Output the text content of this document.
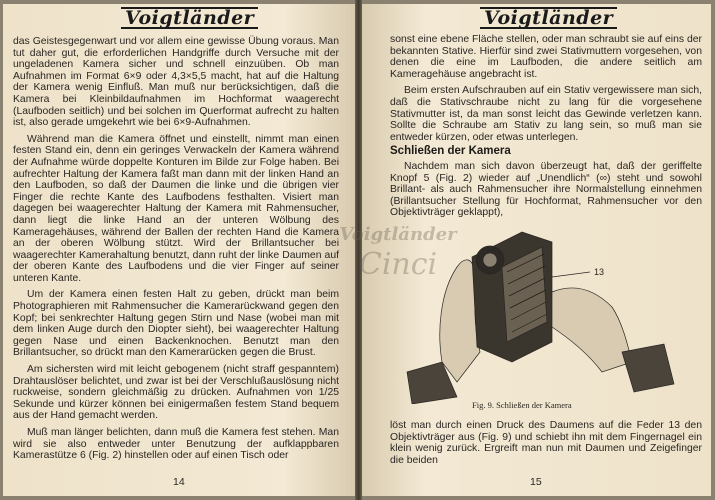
Voigtländer

das Geistesgegenwart und vor allem eine gewisse Übung voraus. Man tut daher gut, die erforderlichen Handgriffe durch Versuche mit der ungeladenen Kamera sicher und schnell einzuüben. Ob man Aufnahmen im Format 6×9 oder 4,3×5,5 macht, hat auf die Haltung der Kamera wenig Einfluß. Man muß nur berücksichtigen, daß die Kamera bei Kleinbildaufnahmen im Hochformat waagerecht (Laufboden seitlich) und bei solchen im Querformat aufrecht zu halten ist, also gerade umgekehrt wie bei 6×9-Aufnahmen.

Während man die Kamera öffnet und einstellt, nimmt man einen festen Stand ein, denn ein geringes Verwackeln der Kamera während der Aufnahme würde doppelte Konturen im Bilde zur Folge haben. Bei aufrechter Haltung der Kamera faßt man dann mit der linken Hand an den Laufboden, so daß der Daumen die linke und die übrigen vier Finger die rechte Kante des Laufbodens festhalten. Visiert man dagegen bei waagerechter Haltung der Kamera mit Rahmensucher, dann liegt die linke Hand an der unteren Wölbung des Kameragehäuses, während der Ballen der rechten Hand die Kamera an der oberen Wölbung stützt. Wird der Brillantsucher bei waagerechter Kamerahaltung benutzt, dann ruht der linke Daumen auf der oberen Kante des Laufbodens und die vier Finger auf seiner unteren Kante.

Um der Kamera einen festen Halt zu geben, drückt man beim Photographieren mit Rahmensucher die Kamerarückwand gegen den Kopf; bei senkrechter Haltung gegen Stirn und Nase (wobei man mit dem linken Auge durch den Diopter sieht), bei waagerechter Haltung gegen Nase und einen Backenknochen. Benutzt man den Brillantsucher, so drückt man den Kamerarücken gegen die Brust.

Am sichersten wird mit leicht gebogenem (nicht straff gespanntem) Drahtauslöser belichtet, und zwar ist bei der Verschlußauslösung nicht ruckweise, sondern gleichmäßig zu drücken. Aufnahmen von 1/25 Sekunde und kürzer können bei einigermaßen festem Stand bequem aus der Hand gemacht werden.

Muß man länger belichten, dann muß die Kamera fest stehen. Man wird sie also entweder unter Benutzung der aufklappbaren Kamerastütze 6 (Fig. 2) hinstellen oder auf einen Tisch oder

14
Voigtländer

sonst eine ebene Fläche stellen, oder man schraubt sie auf eins der bekannten Stative. Hierfür sind zwei Stativmuttern vorgesehen, von denen die eine im Laufboden, die andere seitlich am Kameragehäuse angebracht ist.

Beim ersten Aufschrauben auf ein Stativ vergewissere man sich, daß die Stativschraube nicht zu lang für die vorgesehene Stativmutter ist, da man sonst leicht das Gewinde verletzen kann. Sollte die Schraube am Stativ zu lang sein, so muß man sie entweder kürzen, oder etwas unterlegen.

Schließen der Kamera

Nachdem man sich davon überzeugt hat, daß der geriffelte Knopf 5 (Fig. 2) wieder auf „Unendlich“ (∞) steht und sowohl Brillant- als auch Rahmensucher ihre Normalstellung einnehmen (Brillantsucher Stellung für Hochformat, Rahmensucher vor den Objektivträger geklappt),

13
Fig. 9. Schließen der Kamera

löst man durch einen Druck des Daumens auf die Feder 13 den Objektivträger aus (Fig. 9) und schiebt ihn mit dem Fingernagel ein klein wenig zurück. Ergreift man nun mit Daumen und Zeigefinger die beiden

15
Voigtländer
Cinci
